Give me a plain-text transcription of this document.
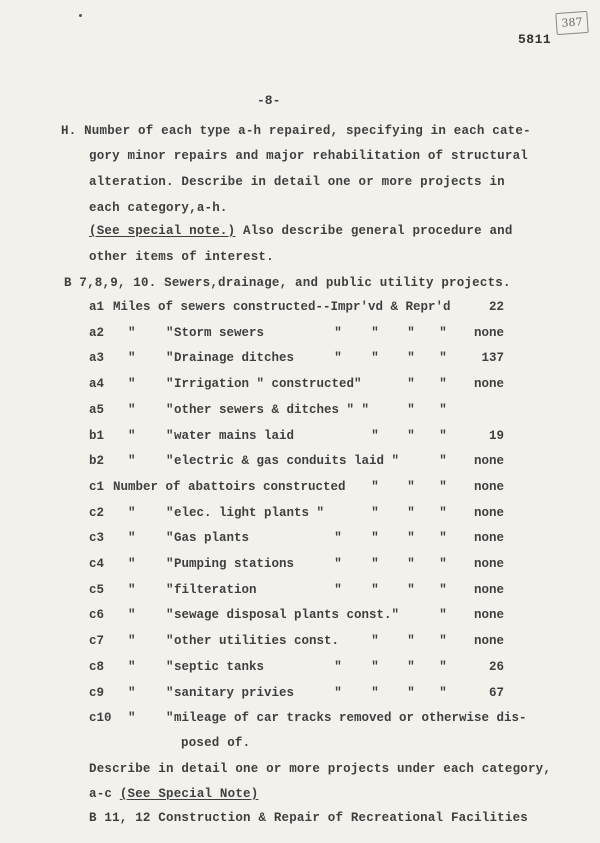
5811
387
-8-
H. Number of each type a-h repaired, specifying in each cate-
gory minor repairs and major rehabilitation of structural
alteration. Describe in detail one or more projects in
each category,a-h.
(See special note.) Also describe general procedure and
other items of interest.
B 7,8,9, 10. Sewers,drainage, and public utility projects.
a1 Miles of sewers constructed--Impr'vd & Repr'd	22
a2 " " Storm sewers	" " " "	none
a3 " " Drainage ditches	" " " "	137
a4 " " Irrigation " constructed"	" "	none
a5 " " other sewers & ditches " "	" "
b1 " " water mains laid	" " "	19
b2 " " electric & gas conduits laid "	"	none
c1 Number of abattoirs constructed " " "	none
c2 " " elec. light plants "	" " "	none
c3 " " Gas plants	" " " "	none
c4 " " Pumping stations	" " " "	none
c5 " " filteration	" " " "	none
c6 " " sewage disposal plants const."	"	none
c7 " " other utilities const.	" " "	none
c8 " " septic tanks	" " " "	26
c9 " " sanitary privies	" " " "	67
c10 " " mileage of car tracks removed or otherwise dis-
posed of.
Describe in detail one or more projects under each category,
a-c (See Special Note)
B 11, 12 Construction & Repair of Recreational Facilities
